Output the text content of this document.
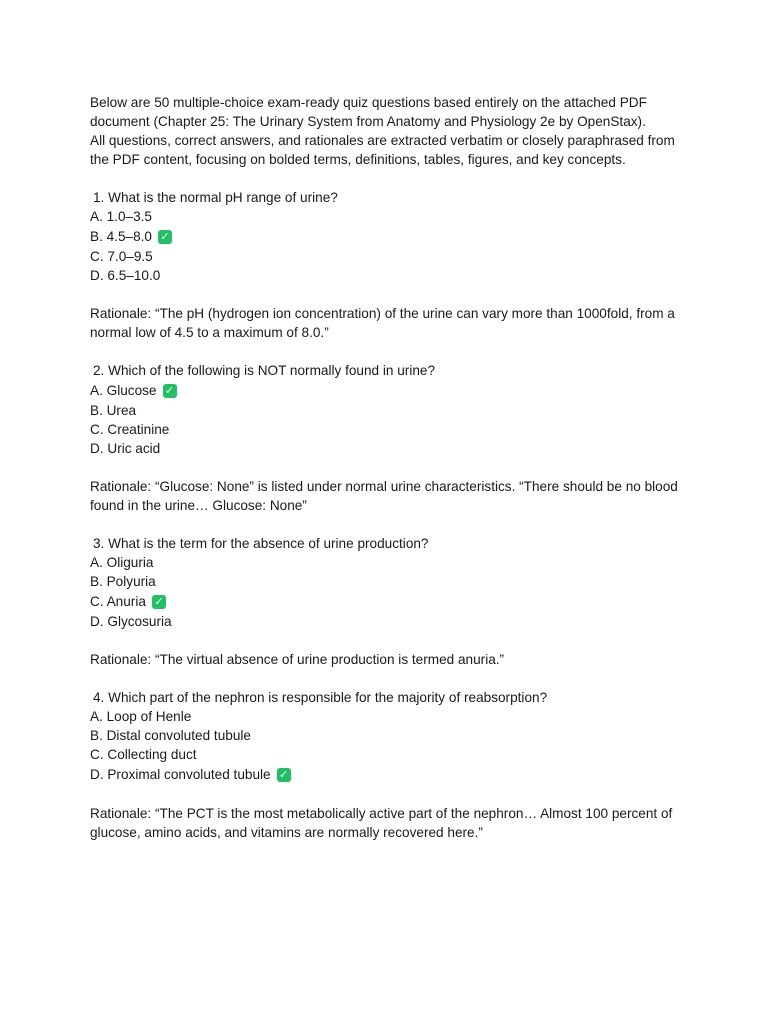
Below are 50 multiple-choice exam-ready quiz questions based entirely on the attached PDF document (Chapter 25: The Urinary System from Anatomy and Physiology 2e by OpenStax).

All questions, correct answers, and rationales are extracted verbatim or closely paraphrased from the PDF content, focusing on bolded terms, definitions, tables, figures, and key concepts.

1. What is the normal pH range of urine?

A. 1.0–3.5

B. 4.5–8.0 ✓

C. 7.0–9.5

D. 6.5–10.0

Rationale: “The pH (hydrogen ion concentration) of the urine can vary more than 1000fold, from a normal low of 4.5 to a maximum of 8.0.”

2. Which of the following is NOT normally found in urine?

A. Glucose ✓

B. Urea

C. Creatinine

D. Uric acid

Rationale: “Glucose: None” is listed under normal urine characteristics. “There should be no blood found in the urine… Glucose: None”

3. What is the term for the absence of urine production?

A. Oliguria

B. Polyuria

C. Anuria ✓

D. Glycosuria

Rationale: “The virtual absence of urine production is termed anuria.”

4. Which part of the nephron is responsible for the majority of reabsorption?

A. Loop of Henle

B. Distal convoluted tubule

C. Collecting duct

D. Proximal convoluted tubule ✓

Rationale: “The PCT is the most metabolically active part of the nephron… Almost 100 percent of glucose, amino acids, and vitamins are normally recovered here.”
